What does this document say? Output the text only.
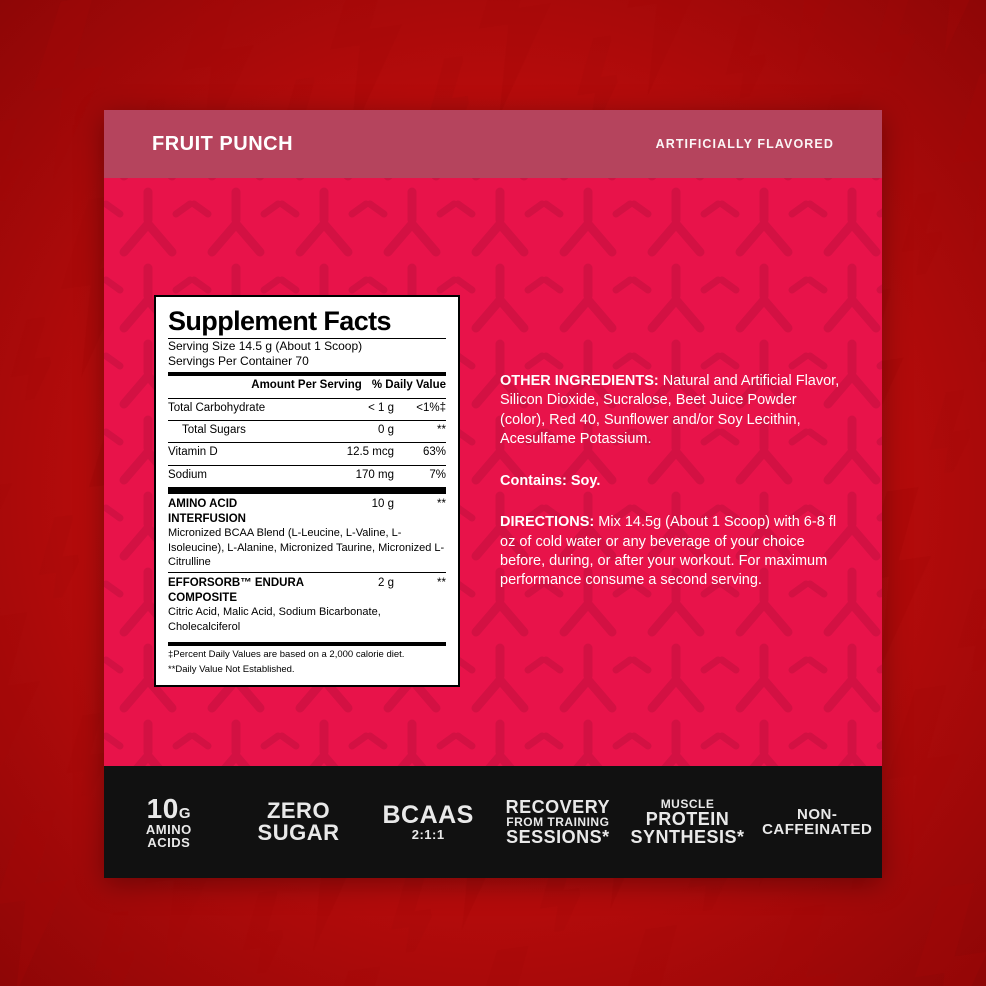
FRUIT PUNCH	ARTIFICIALLY FLAVORED
Supplement Facts
Serving Size 14.5 g (About 1 Scoop)
Servings Per Container 70
Amount Per Serving % Daily Value
Total Carbohydrate	< 1 g	<1%‡
Total Sugars	0 g	**
Vitamin D	12.5 mcg	63%
Sodium	170 mg	7%
AMINO ACID
INTERFUSION
10 g	**
Micronized BCAA Blend (L-Leucine, L-Valine, L-Isoleucine), L-Alanine, Micronized Taurine, Micronized L-Citrulline
EFFORSORB™ ENDURA
COMPOSITE
2 g	**
Citric Acid, Malic Acid, Sodium Bicarbonate, Cholecalciferol
‡Percent Daily Values are based on a 2,000 calorie diet.
**Daily Value Not Established.

OTHER INGREDIENTS: Natural and Artificial Flavor, Silicon Dioxide, Sucralose, Beet Juice Powder (color), Red 40, Sunflower and/or Soy Lecithin, Acesulfame Potassium.

Contains: Soy.

DIRECTIONS: Mix 14.5g (About 1 Scoop) with 6-8 fl oz of cold water or any beverage of your choice before, during, or after your workout. For maximum performance consume a second serving.

10G
AMINO
ACIDS
ZERO
SUGAR
BCAAS
2:1:1
RECOVERY
FROM TRAINING
SESSIONS*
MUSCLE
PROTEIN
SYNTHESIS*
NON-
CAFFEINATED
